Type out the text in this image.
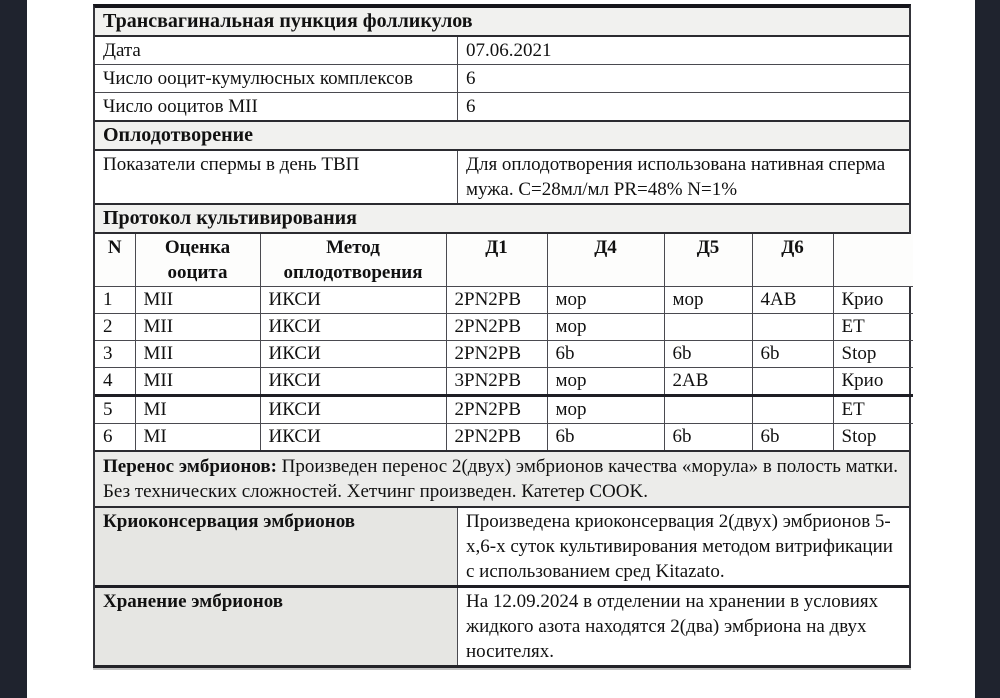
Трансвагинальная пункция фолликулов
Дата	07.06.2021
Число ооцит-кумулюсных комплексов	6
Число ооцитов MII	6
Оплодотворение
Показатели спермы в день ТВП	Для оплодотворения использована нативная сперма мужа. C=28мл/мл PR=48% N=1%
Протокол культивирования
N	Оценка ооцита	Метод оплодотворения	Д1	Д4	Д5	Д6	
1	MII	ИКСИ	2PN2PB	мор	мор	4AB	Крио
2	MII	ИКСИ	2PN2PB	мор			ET
3	MII	ИКСИ	2PN2PB	6b	6b	6b	Stop
4	MII	ИКСИ	3PN2PB	мор	2AB		Крио
5	MI	ИКСИ	2PN2PB	мор			ET
6	MI	ИКСИ	2PN2PB	6b	6b	6b	Stop
Перенос эмбрионов: Произведен перенос 2(двух) эмбрионов качества «морула» в полость матки. Без технических сложностей. Хетчинг произведен. Катетер COOK.
Криоконсервация эмбрионов	Произведена криоконсервация 2(двух) эмбрионов 5-х,6-х суток культивирования методом витрификации с использованием сред Kitazato.
Хранение эмбрионов	На 12.09.2024 в отделении на хранении в условиях жидкого азота находятся 2(два) эмбриона на двух носителях.
